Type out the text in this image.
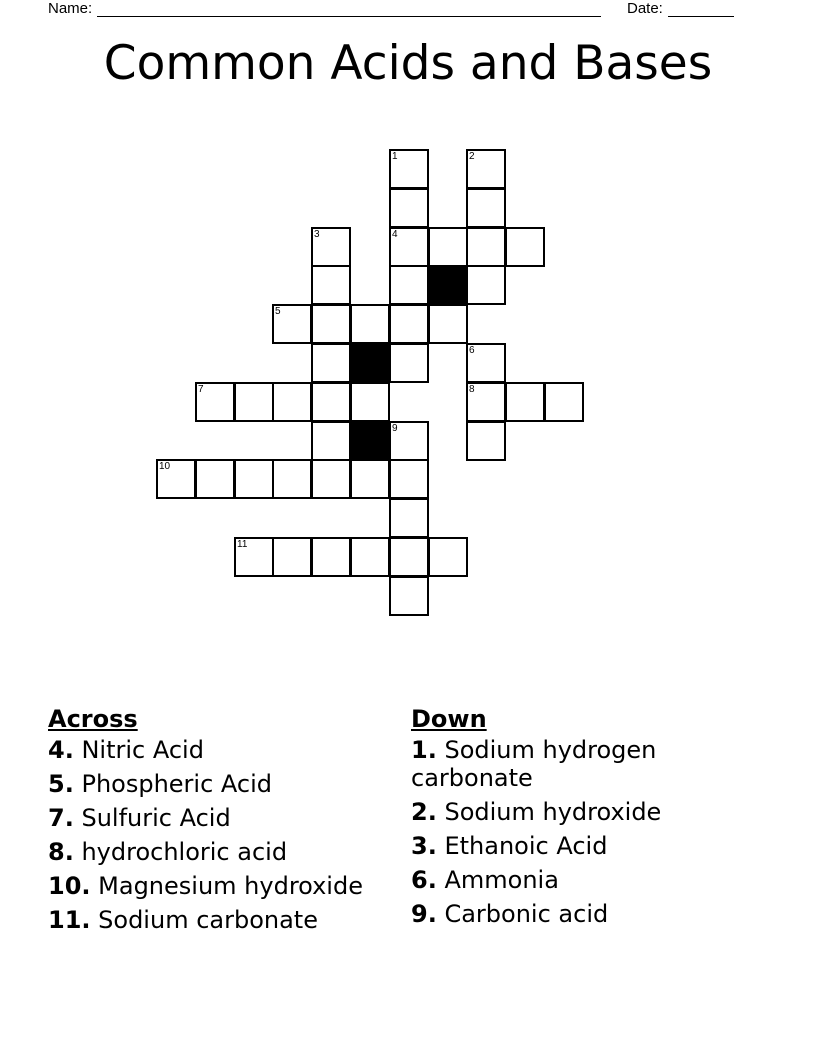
Name:	Date:
Common Acids and Bases
1	2
3	4
5
6
7	8
9
10
11
Across
4. Nitric Acid
5. Phospheric Acid
7. Sulfuric Acid
8. hydrochloric acid
10. Magnesium hydroxide
11. Sodium carbonate
Down
1. Sodium hydrogen carbonate
2. Sodium hydroxide
3. Ethanoic Acid
6. Ammonia
9. Carbonic acid
